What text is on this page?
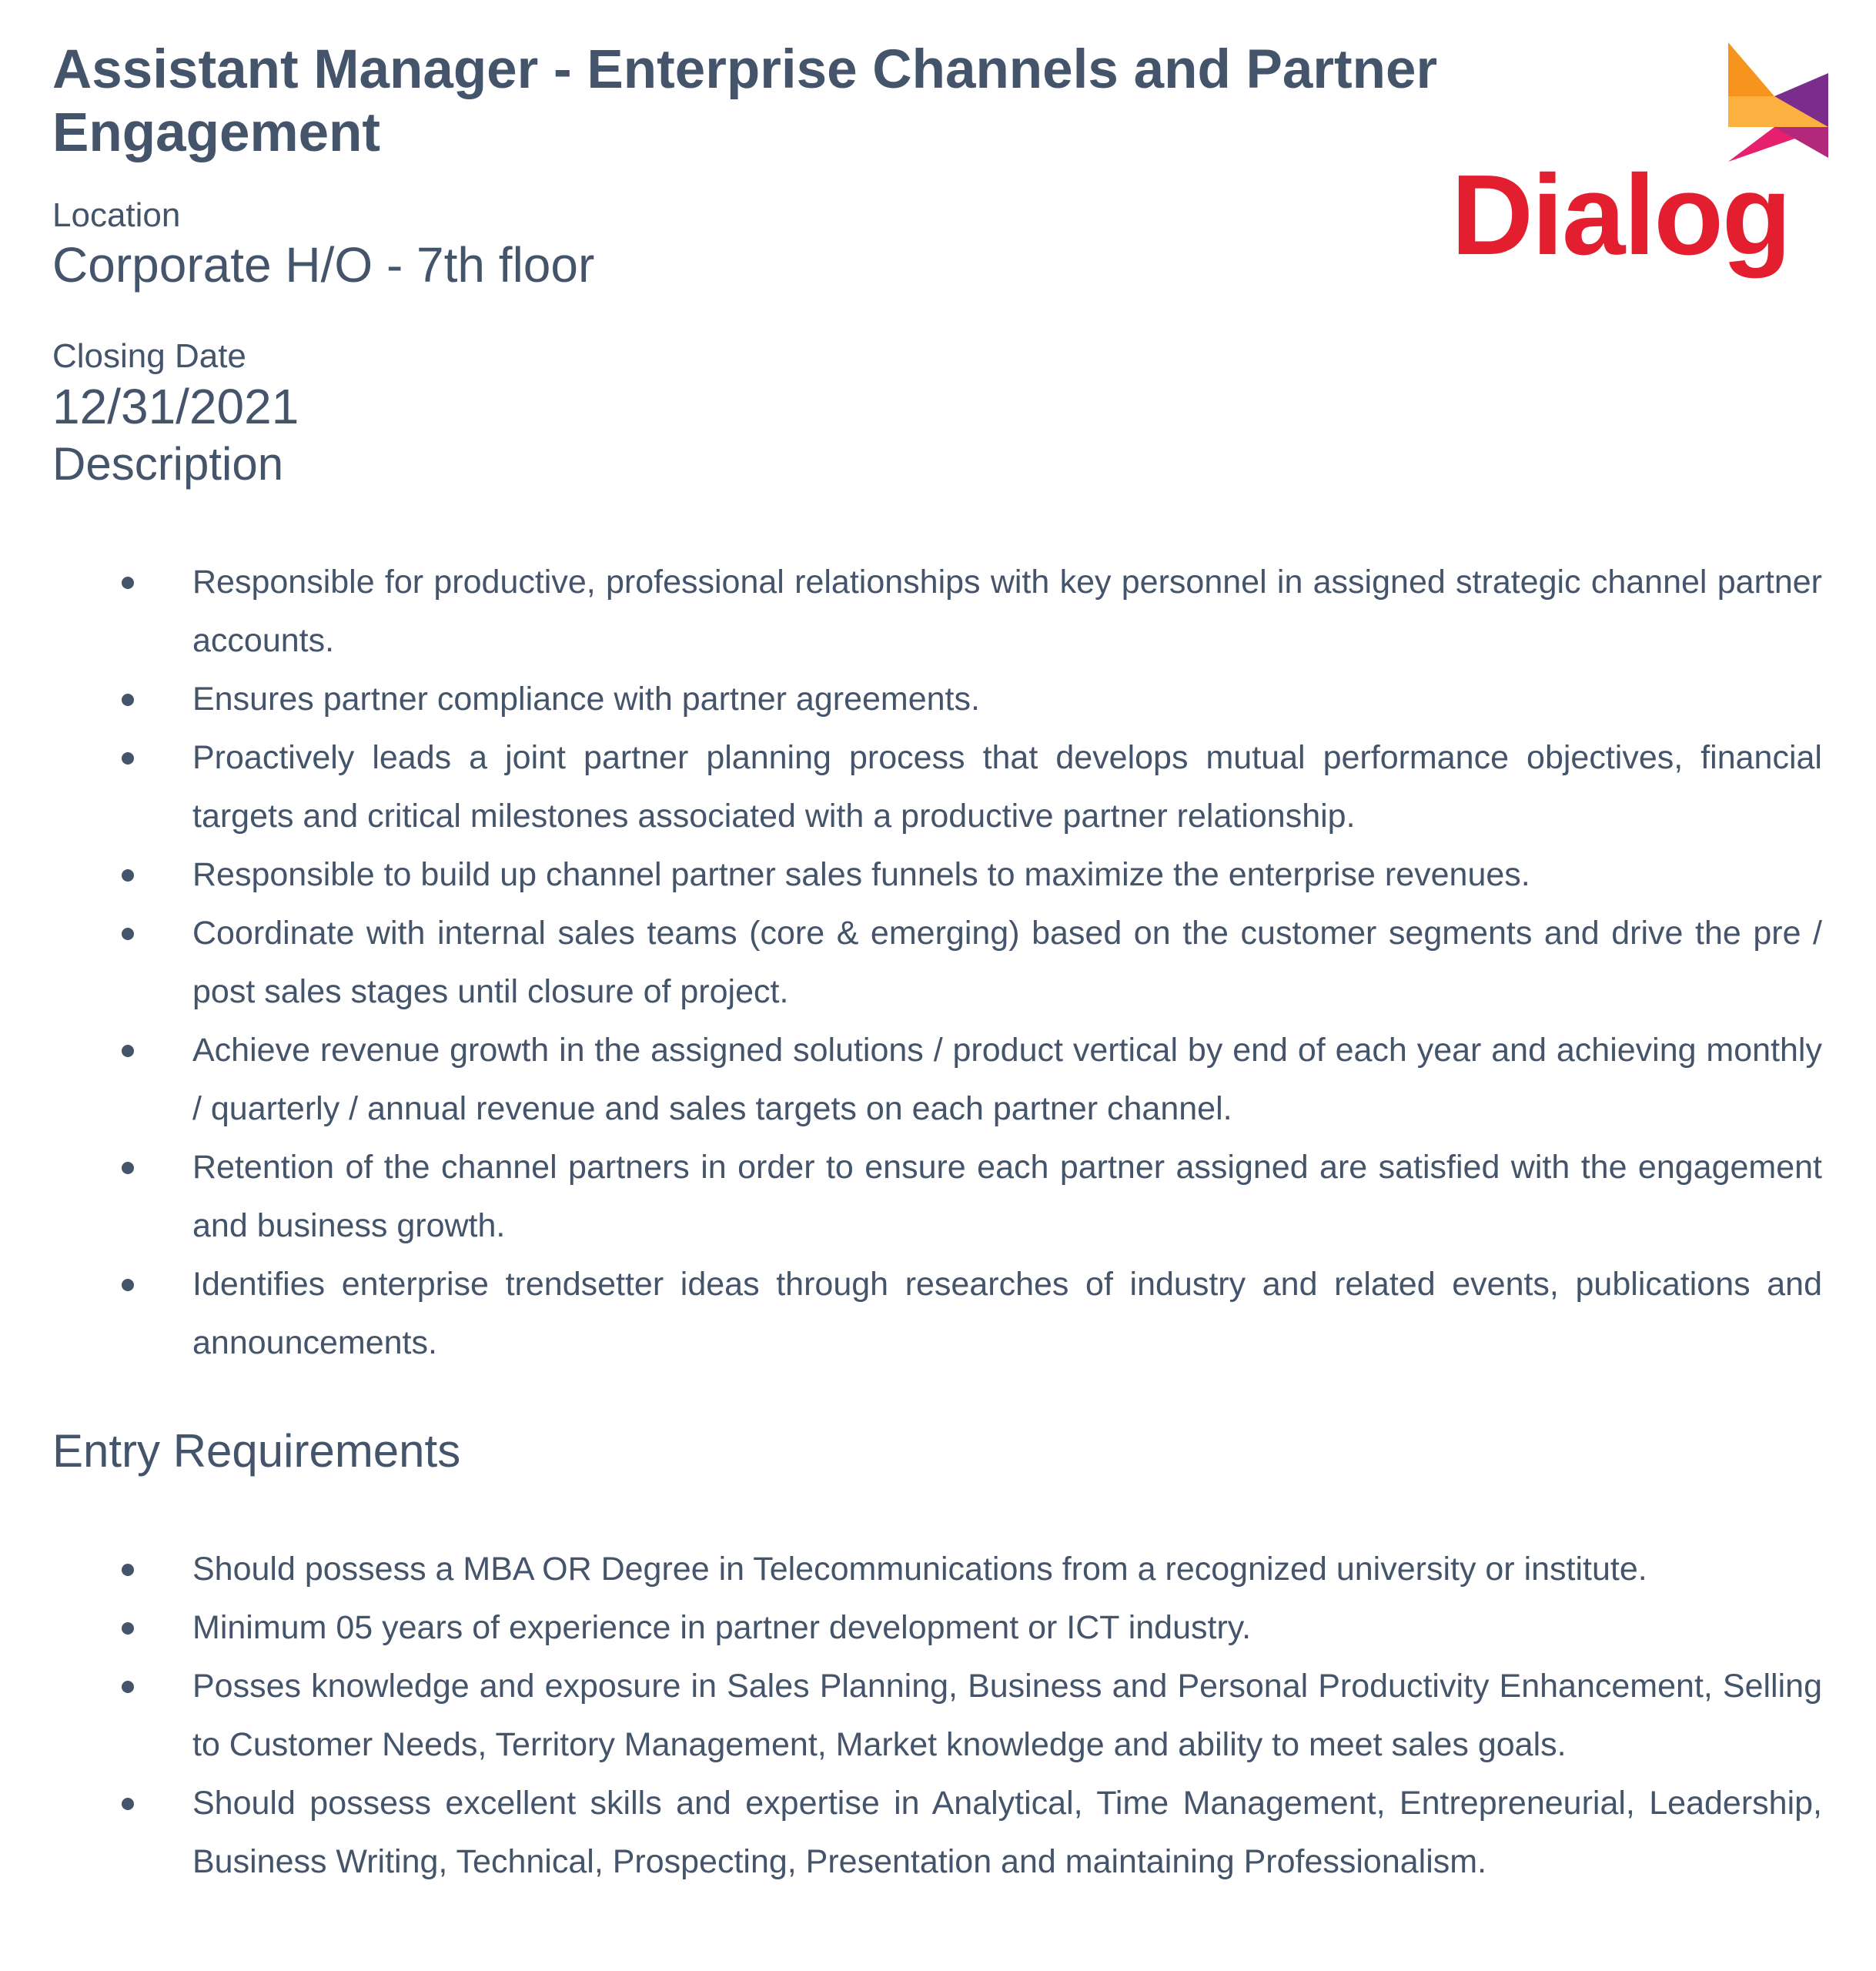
Assistant Manager - Enterprise Channels and Partner Engagement
Dialog
Location
Corporate H/O - 7th floor
Closing Date
12/31/2021
Description
Responsible for productive, professional relationships with key personnel in assigned strategic channel partner accounts.
Ensures partner compliance with partner agreements.
Proactively leads a joint partner planning process that develops mutual performance objectives, financial targets and critical milestones associated with a productive partner relationship.
Responsible to build up channel partner sales funnels to maximize the enterprise revenues.
Coordinate with internal sales teams (core & emerging) based on the customer segments and drive the pre / post sales stages until closure of project.
Achieve revenue growth in the assigned solutions / product vertical by end of each year and achieving monthly / quarterly / annual revenue and sales targets on each partner channel.
Retention of the channel partners in order to ensure each partner assigned are satisfied with the engagement and business growth.
Identifies enterprise trendsetter ideas through researches of industry and related events, publications and announcements.
Entry Requirements
Should possess a MBA OR Degree in Telecommunications from a recognized university or institute.
Minimum 05 years of experience in partner development or ICT industry.
Posses knowledge and exposure in Sales Planning, Business and Personal Productivity Enhancement, Selling to Customer Needs, Territory Management, Market knowledge and ability to meet sales goals.
Should possess excellent skills and expertise in Analytical, Time Management, Entrepreneurial, Leadership, Business Writing, Technical, Prospecting, Presentation and maintaining Professionalism.
